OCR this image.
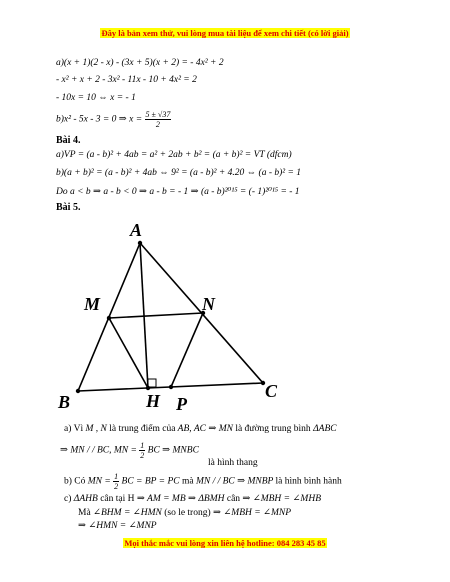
Đây là bản xem thử, vui lòng mua tài liệu để xem chi tiết (có lời giải)
a)(x + 1)(2 - x) - (3x + 5)(x + 2) = - 4x² + 2
- x² + x + 2 - 3x² - 11x - 10 + 4x² = 2
- 10x = 10 ⇔ x = - 1
b)x² - 5x - 3 = 0 ⇒ $x = \frac{5 \pm √37}{2}$
Bài 4.
a)VP = (a - b)² + 4ab = a² + 2ab + b² = (a + b)² = VT (dfcm)
b)(a + b)² = (a - b)² + 4ab ⇔ 9² = (a - b)² + 4.20 ⇔ (a - b)² = 1
Do a < b ⇒ a - b < 0 ⇒ a - b = - 1 ⇒ (a - b)²⁰¹⁵ = (- 1)²⁰¹⁵ = - 1
Bài 5.
A
M	N
B	H P
C
a) Vì M , N là trung điểm của AB, AC ⇒ MN là đường trung bình ΔABC
⇒ MN / / BC, MN = $\frac{1}{2}$ BC ⇒ MNBC
là hình thang
b) Có MN = $\frac{1}{2}$ BC = BP = PC mà MN / / BC ⇒ MNBP là hình bình hành
c) ΔAHB cân tại H ⇒ AM = MB ⇒ ΔBMH cân ⇒ ∠MBH = ∠MHB
Mà ∠BHM = ∠HMN (so le trong) ⇒ ∠MBH = ∠MNP
⇒ ∠HMN = ∠MNP
Mọi thắc mắc vui lòng xin liên hệ hotline: 084 283 45 85
